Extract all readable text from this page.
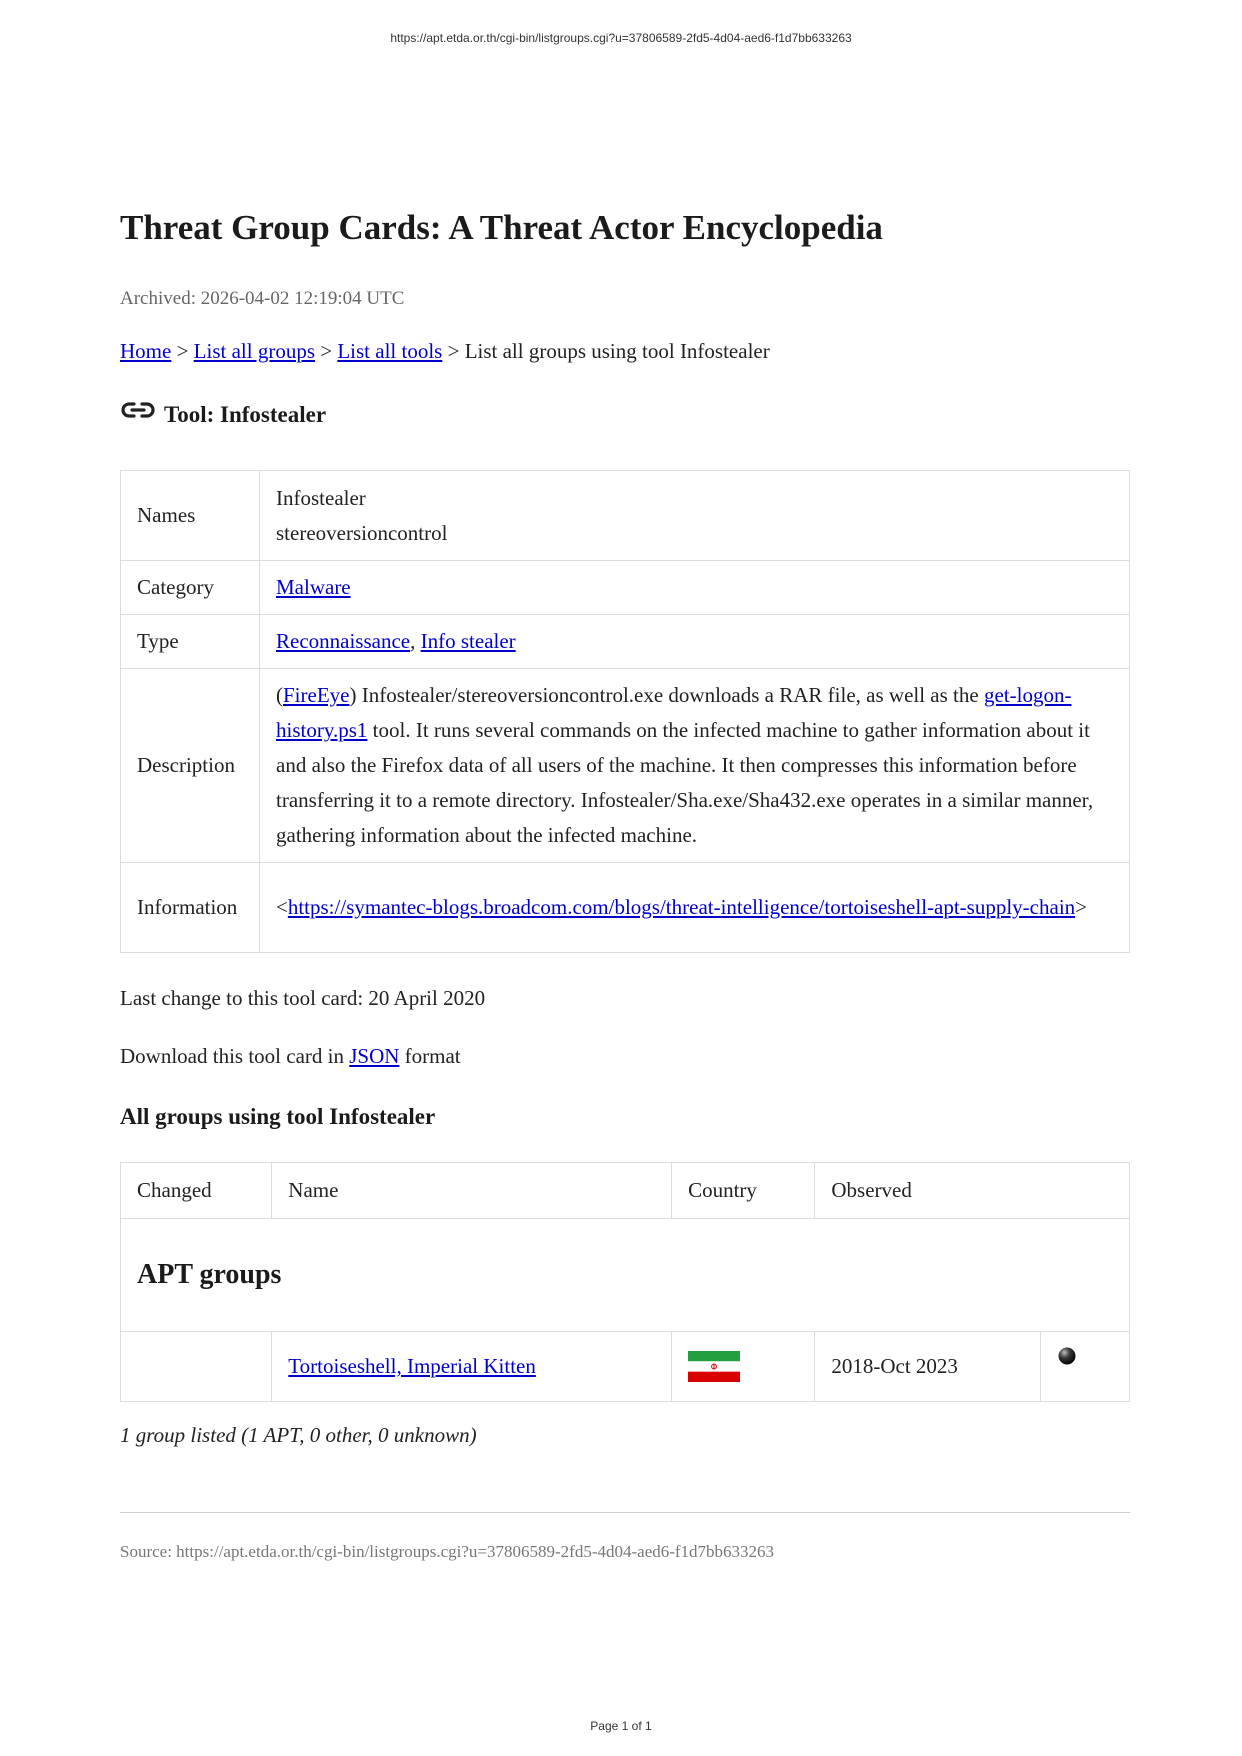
https://apt.etda.or.th/cgi-bin/listgroups.cgi?u=37806589-2fd5-4d04-aed6-f1d7bb633263
Threat Group Cards: A Threat Actor Encyclopedia
Archived: 2026-04-02 12:19:04 UTC
Home > List all groups > List all tools > List all groups using tool Infostealer
Tool: Infostealer
Names	Infostealer
stereoversioncontrol

Category	Malware
Type	Reconnaissance, Info stealer
Description	(FireEye) Infostealer/stereoversioncontrol.exe downloads a RAR file, as well as the get-logon-history.ps1 tool. It runs several commands on the infected machine to gather information about it and also the Firefox data of all users of the machine. It then compresses this information before transferring it to a remote directory. Infostealer/Sha.exe/Sha432.exe operates in a similar manner, gathering information about the infected machine.
Information	<https://symantec-blogs.broadcom.com/blogs/threat-intelligence/tortoiseshell-apt-supply-chain>
Last change to this tool card: 20 April 2020
Download this tool card in JSON format
All groups using tool Infostealer
Changed	Name	Country	Observed	
APT groups				
	Tortoiseshell, Imperial Kitten		2018-Oct 2023	
1 group listed (1 APT, 0 other, 0 unknown)
Source: https://apt.etda.or.th/cgi-bin/listgroups.cgi?u=37806589-2fd5-4d04-aed6-f1d7bb633263
Page 1 of 1
